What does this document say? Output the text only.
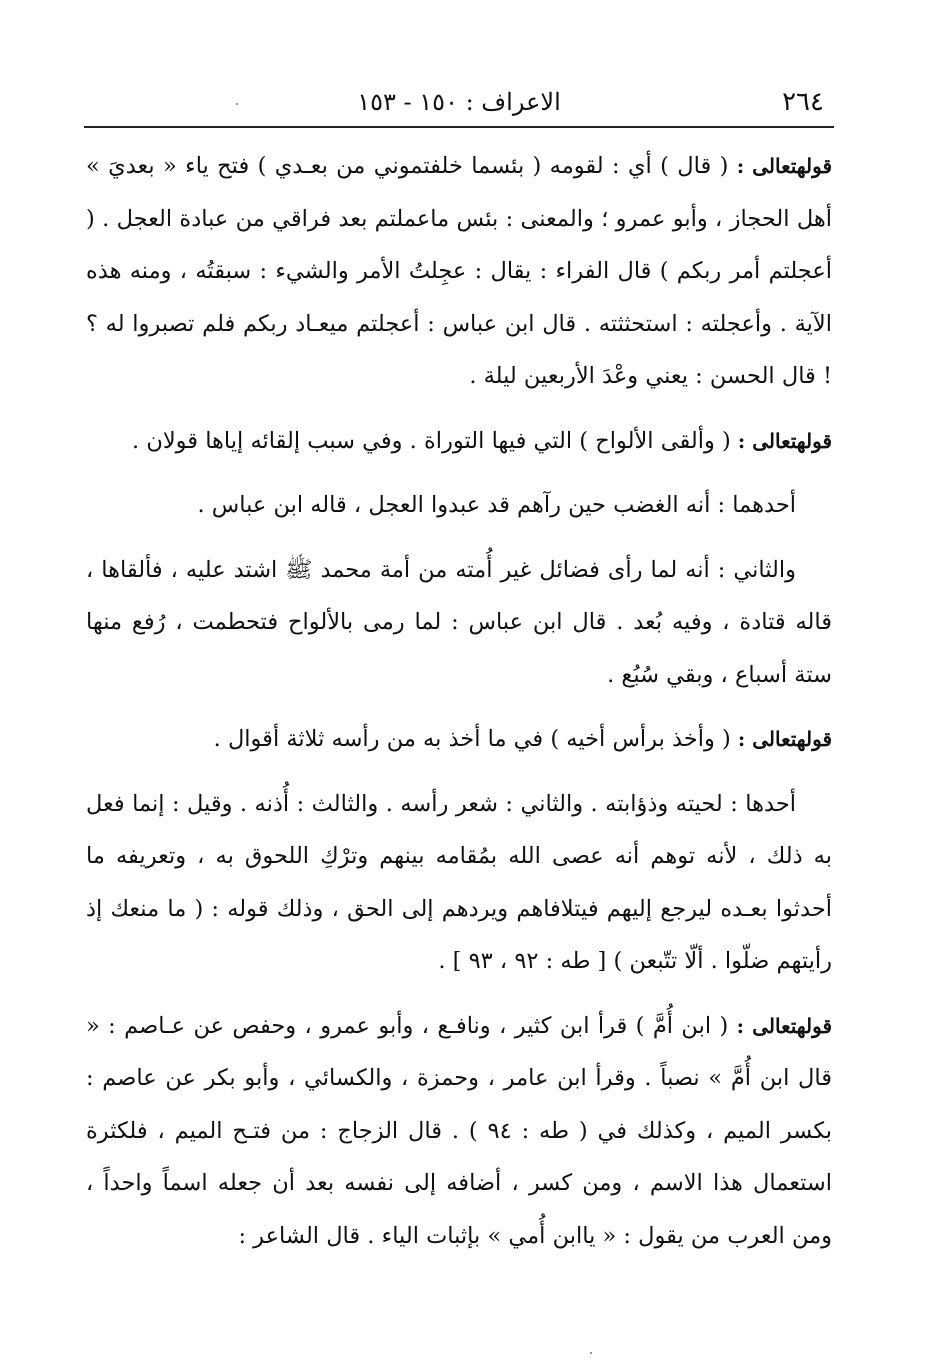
٢٦٤
الاعراف : ١٥٠ - ١٥٣

قولهتعالى : ( قال ) أي : لقومه ( بئسما خلفتموني من بعـدي ) فتح ياء « بعديَ » أهل الحجاز ، وأبو عمرو ؛ والمعنى : بئس ماعملتم بعد فراقي من عبادة العجل . ( أعجلتم أمر ربكم ) قال الفراء : يقال : عجِلتُ الأمر والشيء : سبقتُه ، ومنه هذه الآية . وأعجلته : استحثثته . قال ابن عباس : أعجلتم ميعـاد ربكم فلم تصبروا له ؟ ! قال الحسن : يعني وعْدَ الأربعين ليلة .

قولهتعالى : ( وألقى الألواح ) التي فيها التوراة . وفي سبب إلقائه إياها قولان .

أحدهما : أنه الغضب حين رآهم قد عبدوا العجل ، قاله ابن عباس .

والثاني : أنه لما رأى فضائل غير أُمته من أمة محمد ﷺ اشتد عليه ، فألقاها ، قاله قتادة ، وفيه بُعد . قال ابن عباس : لما رمى بالألواح فتحطمت ، رُفع منها ستة أسباع ، وبقي سُبُع .

قولهتعالى : ( وأخذ برأس أخيه ) في ما أخذ به من رأسه ثلاثة أقوال .

أحدها : لحيته وذؤابته . والثاني : شعر رأسه . والثالث : أُذنه . وقيل : إنما فعل به ذلك ، لأنه توهم أنه عصى الله بمُقامه بينهم وترْكِ اللحوق به ، وتعريفه ما أحدثوا بعـده ليرجع إليهم فيتلافاهم ويردهم إلى الحق ، وذلك قوله : ( ما منعك إذ رأيتهم ضلّوا . ألّا تتّبعن ) [ طه : ٩٢ ، ٩٣ ] .

قولهتعالى : ( ابن أُمَّ ) قرأ ابن كثير ، ونافـع ، وأبو عمرو ، وحفص عن عـاصم : « قال ابن أُمَّ » نصباً . وقرأ ابن عامر ، وحمزة ، والكسائي ، وأبو بكر عن عاصم : بكسر الميم ، وكذلك في ( طه : ٩٤ ) . قال الزجاج : من فتـح الميم ، فلكثرة استعمال هذا الاسم ، ومن كسر ، أضافه إلى نفسه بعد أن جعله اسماً واحداً ، ومن العرب من يقول : « ياابن أُمي » بإثبات الياء . قال الشاعر :
